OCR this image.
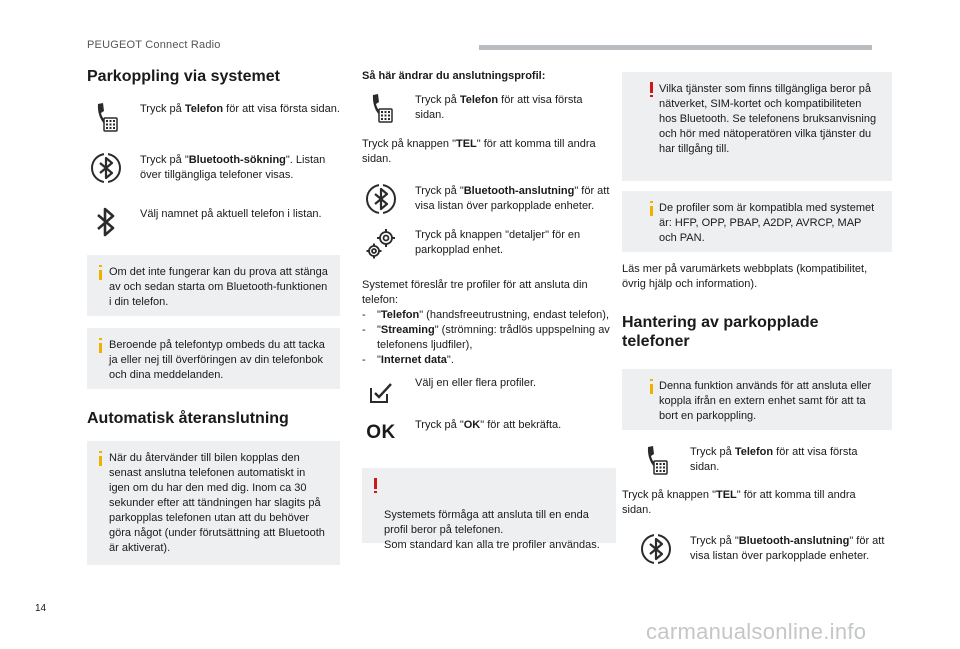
PEUGEOT Connect Radio
Parkoppling via systemet
Tryck på Telefon för att visa första sidan.
Tryck på "Bluetooth-sökning". Listan över tillgängliga telefoner visas.
Välj namnet på aktuell telefon i listan.
Om det inte fungerar kan du prova att stänga av och sedan starta om Bluetooth-funktionen i din telefon.
Beroende på telefontyp ombeds du att tacka ja eller nej till överföringen av din telefonbok och dina meddelanden.
Automatisk återanslutning
När du återvänder till bilen kopplas den senast anslutna telefonen automatiskt in igen om du har den med dig. Inom ca 30 sekunder efter att tändningen har slagits på parkopplas telefonen utan att du behöver göra något (under förutsättning att Bluetooth är aktiverat).
Så här ändrar du anslutningsprofil:
Tryck på Telefon för att visa första sidan.
Tryck på knappen "TEL" för att komma till andra sidan.
Tryck på "Bluetooth-anslutning" för att visa listan över parkopplade enheter.
Tryck på knappen "detaljer" för en parkopplad enhet.
Systemet föreslår tre profiler för att ansluta din telefon:
-	"Telefon" (handsfreeutrustning, endast telefon),
-	"Streaming" (strömning: trådlös uppspelning av telefonens ljudfiler),
-	"Internet data".
Välj en eller flera profiler.
OK Tryck på "OK" för att bekräfta.

Systemets förmåga att ansluta till en enda profil beror på telefonen.
Som standard kan alla tre profiler användas.

Vilka tjänster som finns tillgängliga beror på nätverket, SIM-kortet och kompatibiliteten hos Bluetooth. Se telefonens bruksanvisning och hör med nätoperatören vilka tjänster du har tillgång till.
De profiler som är kompatibla med systemet är: HFP, OPP, PBAP, A2DP, AVRCP, MAP och PAN.
Läs mer på varumärkets webbplats (kompatibilitet, övrig hjälp och information).
Hantering av parkopplade telefoner
Denna funktion används för att ansluta eller koppla ifrån en extern enhet samt för att ta bort en parkoppling.
Tryck på Telefon för att visa första sidan.
Tryck på knappen "TEL" för att komma till andra sidan.
Tryck på "Bluetooth-anslutning" för att visa listan över parkopplade enheter.
14
carmanualsonline.info
